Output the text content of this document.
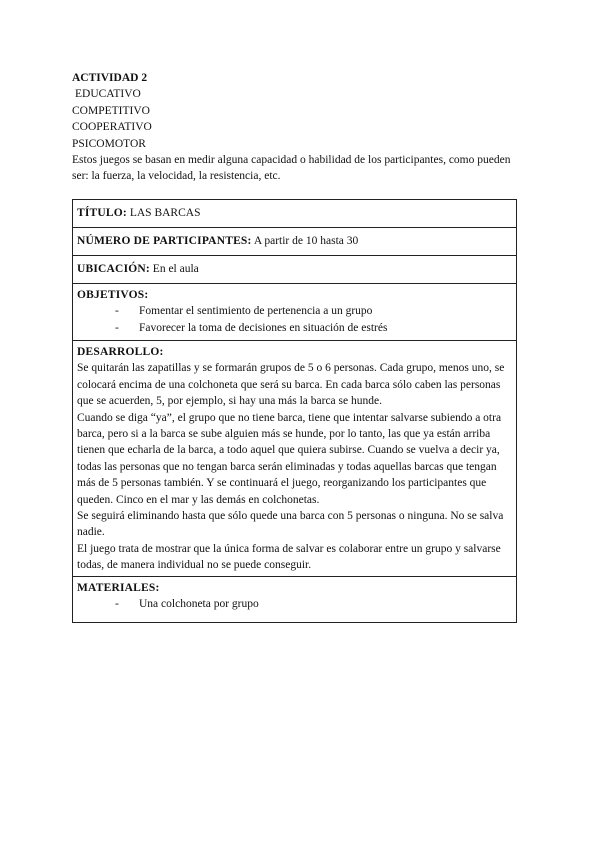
ACTIVIDAD 2
EDUCATIVO
COMPETITIVO
COOPERATIVO
PSICOMOTOR
Estos juegos se basan en medir alguna capacidad o habilidad de los participantes, como pueden ser: la fuerza, la velocidad, la resistencia, etc.
TÍTULO: LAS BARCAS
NÚMERO DE PARTICIPANTES: A partir de 10 hasta 30
UBICACIÓN: En el aula
OBJETIVOS:
-	Fomentar el sentimiento de pertenencia a un grupo
-	Favorecer la toma de decisiones en situación de estrés
DESARROLLO:

Se quitarán las zapatillas y se formarán grupos de 5 o 6 personas. Cada grupo, menos uno, se colocará encima de una colchoneta que será su barca. En cada barca sólo caben las personas que se acuerden, 5, por ejemplo, si hay una más la barca se hunde.

Cuando se diga “ya”, el grupo que no tiene barca, tiene que intentar salvarse subiendo a otra barca, pero si a la barca se sube alguien más se hunde, por lo tanto, las que ya están arriba tienen que echarla de la barca, a todo aquel que quiera subirse. Cuando se vuelva a decir ya, todas las personas que no tengan barca serán eliminadas y todas aquellas barcas que tengan más de 5 personas también. Y se continuará el juego, reorganizando los participantes que queden. Cinco en el mar y las demás en colchonetas.

Se seguirá eliminando hasta que sólo quede una barca con 5 personas o ninguna. No se salva nadie.

El juego trata de mostrar que la única forma de salvar es colaborar entre un grupo y salvarse todas, de manera individual no se puede conseguir.

MATERIALES:
-	Una colchoneta por grupo
